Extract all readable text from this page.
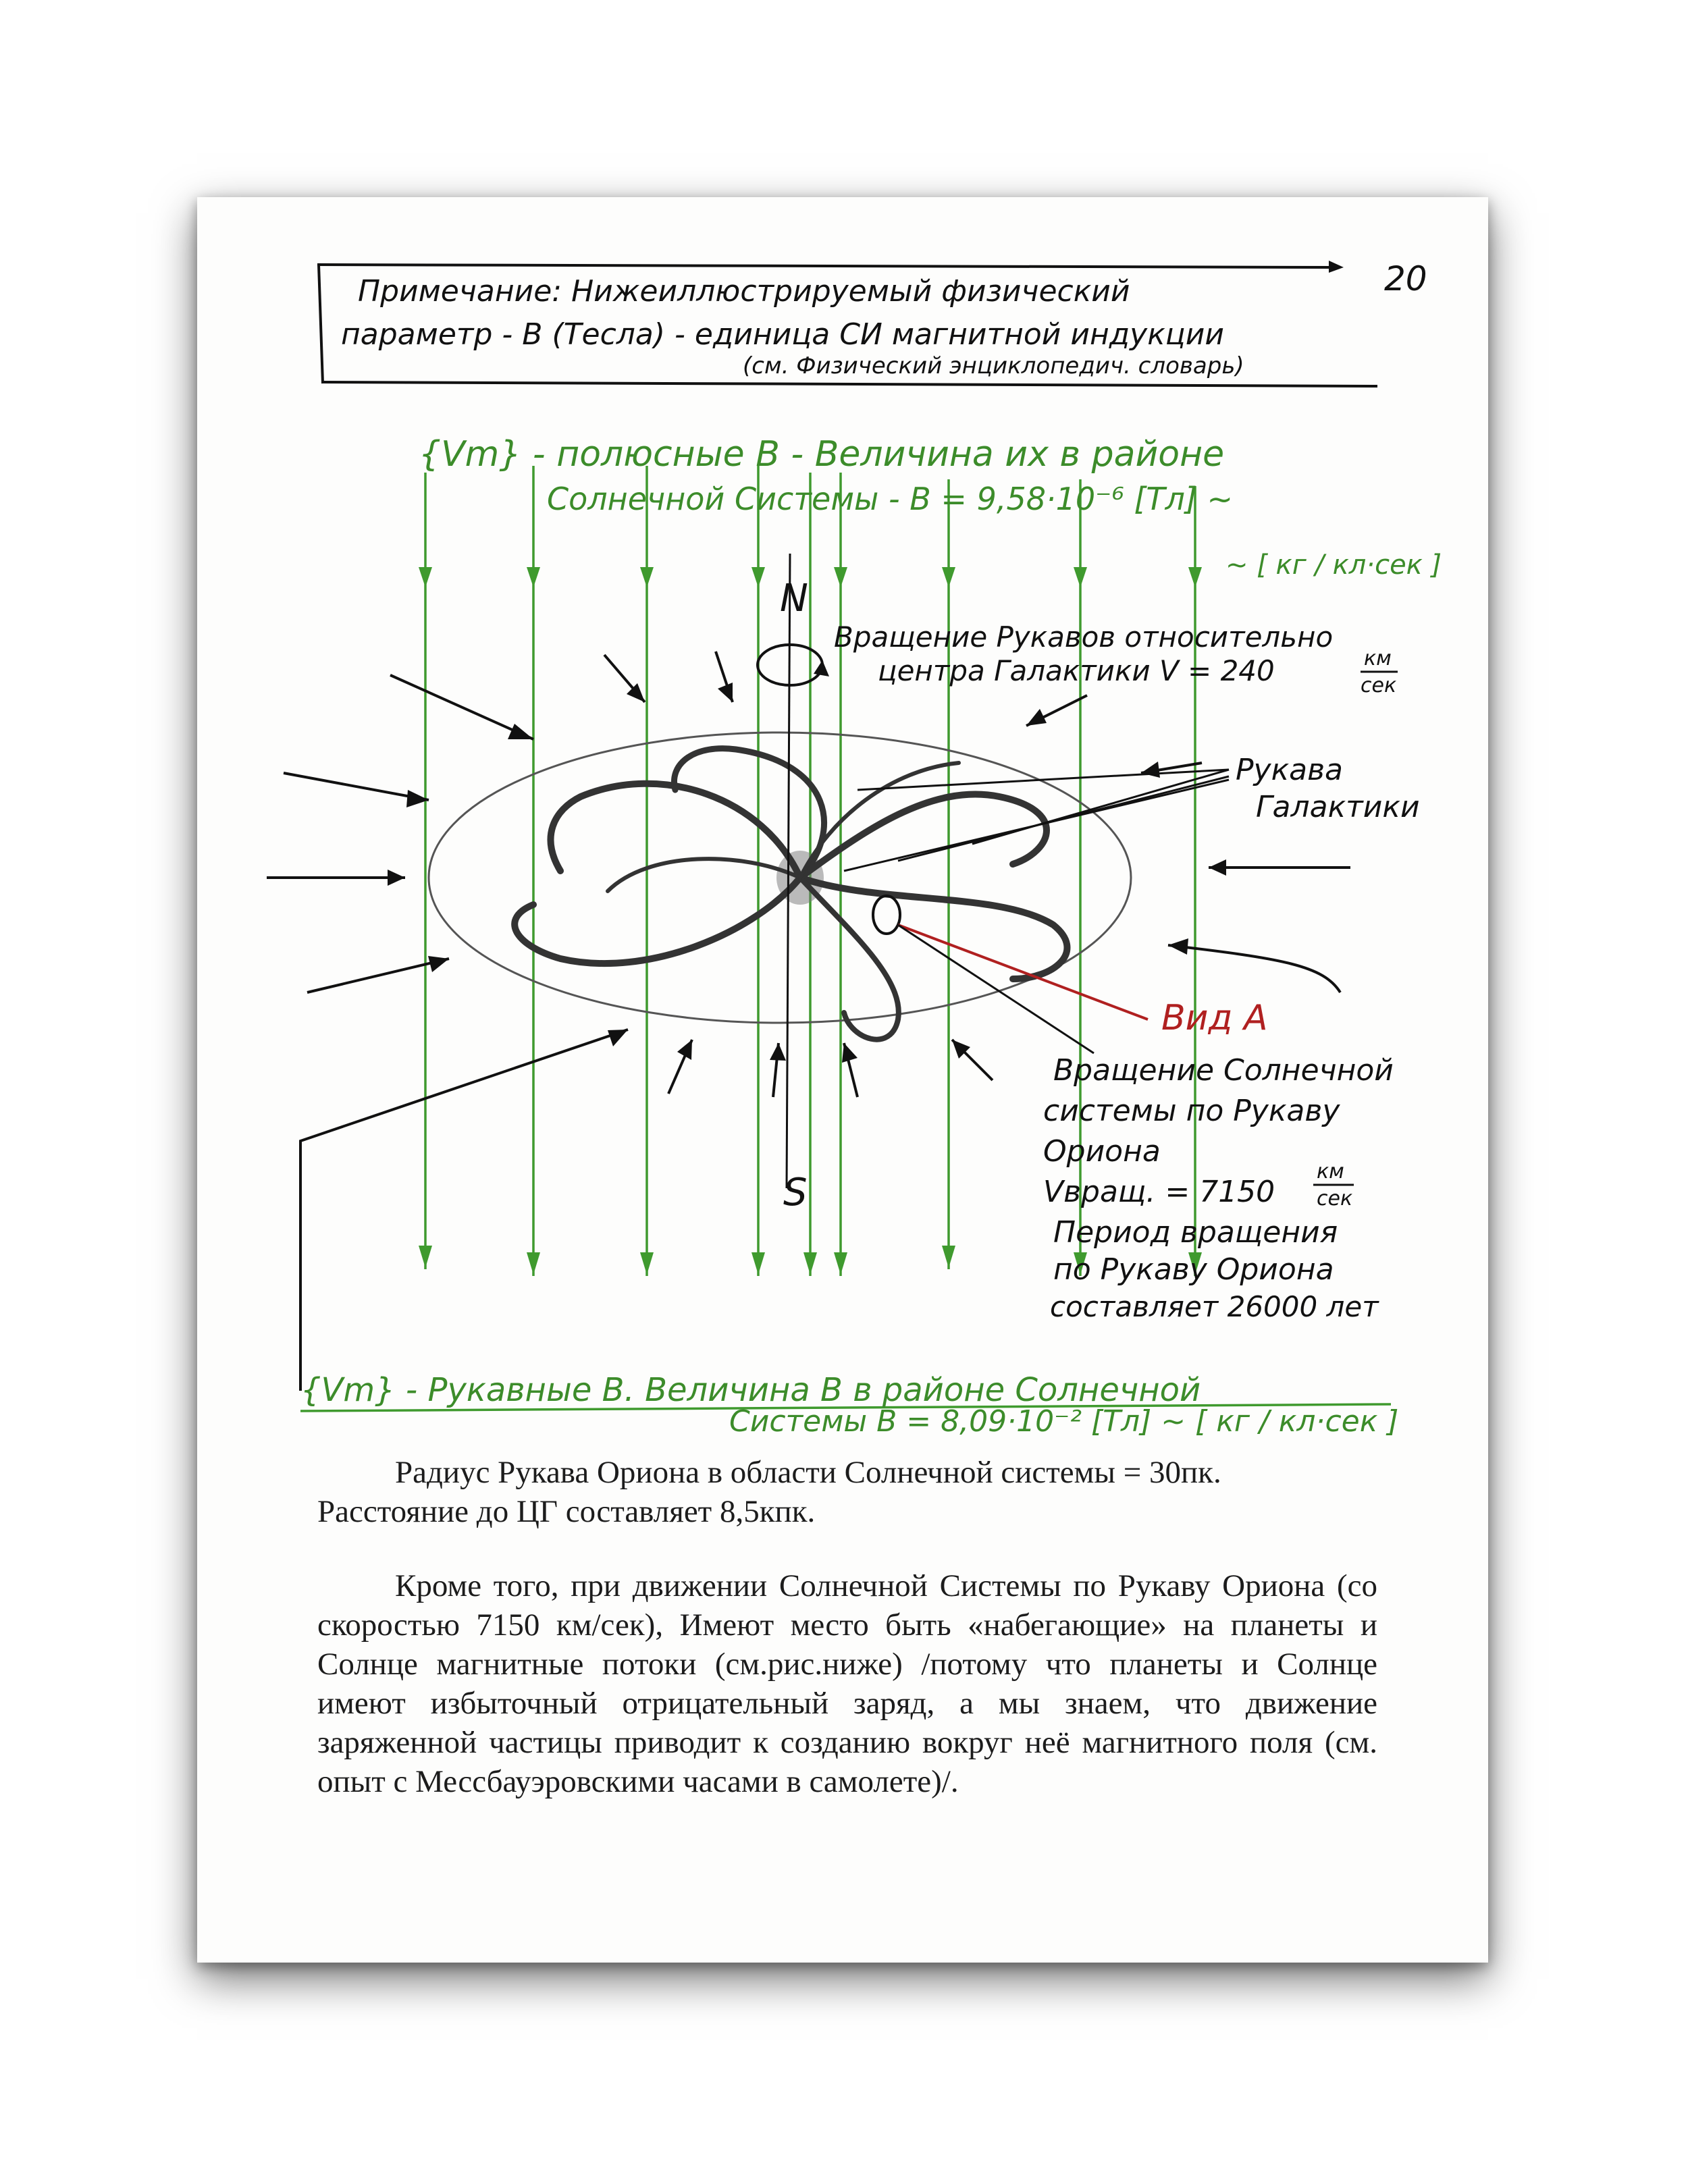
20
Примечание: Нижеиллюстрируемый физический
параметр - В (Тесла) - единица СИ магнитной индукции
(см. Физический энциклопедич. словарь)
{Vm} - полюсные В - Величина их в районе
Солнечной Системы - В = 9,58·10⁻⁶ [Тл] ~
~ [ кг / кл·сек ]
{Vm} - Рукавные В. Величина В в районе Солнечной
Системы В = 8,09·10⁻² [Тл] ~ [ кг / кл·сек ]
N
S
Вращение Рукавов относительно
центра Галактики V = 240	км
сек
Рукава
Галактики
Вид А
Вращение Солнечной
системы по Рукаву
Ориона
Vвращ. = 7150
км
сек
Период вращения
по Рукаву Ориона
составляет 26000 лет

Радиус Рукава Ориона в области Солнечной системы = 30пк.

Расстояние до ЦГ составляет 8,5кпк.

Кроме того, при движении Солнечной Системы по Рукаву Ориона (со скоростью 7150 км/сек), Имеют место быть «набегающие» на планеты и Солнце магнитные потоки (см.рис.ниже) /потому что планеты и Солнце имеют избыточный отрицательный заряд, а мы знаем, что движение заряженной частицы приводит к созданию вокруг неё магнитного поля (см. опыт с Мессбауэровскими часами в самолете)/.
